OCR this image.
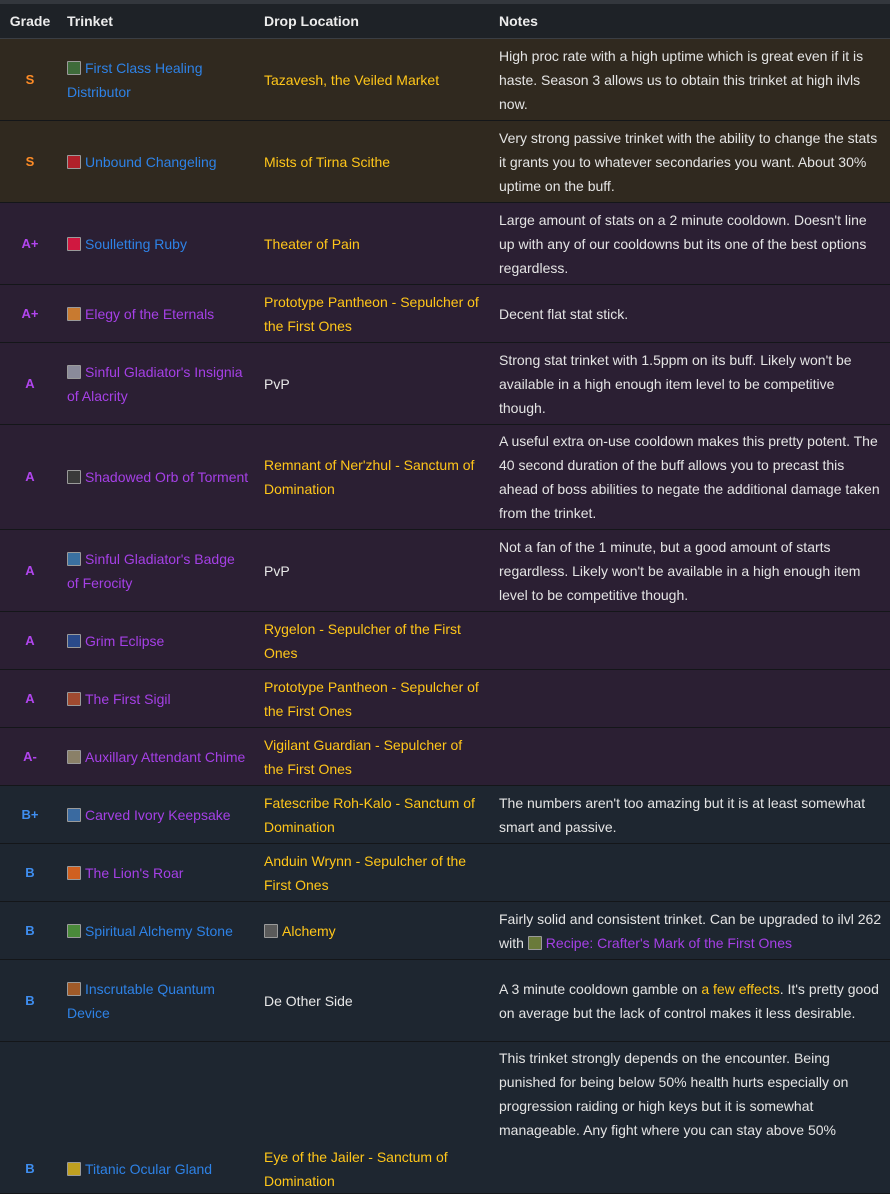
Grade	Trinket	Drop Location	Notes
S	First Class Healing Distributor	Tazavesh, the Veiled Market	High proc rate with a high uptime which is great even if it is haste. Season 3 allows us to obtain this trinket at high ilvls now.
S	Unbound Changeling	Mists of Tirna Scithe	Very strong passive trinket with the ability to change the stats it grants you to whatever secondaries you want. About 30% uptime on the buff.
A+	Soulletting Ruby	Theater of Pain	Large amount of stats on a 2 minute cooldown. Doesn't line up with any of our cooldowns but its one of the best options regardless.
A+	Elegy of the Eternals	Prototype Pantheon - Sepulcher of the First Ones	Decent flat stat stick.
A	Sinful Gladiator's Insignia of Alacrity	PvP	Strong stat trinket with 1.5ppm on its buff. Likely won't be available in a high enough item level to be competitive though.
A	Shadowed Orb of Torment	Remnant of Ner'zhul - Sanctum of Domination	A useful extra on-use cooldown makes this pretty potent. The 40 second duration of the buff allows you to precast this ahead of boss abilities to negate the additional damage taken from the trinket.
A	Sinful Gladiator's Badge of Ferocity	PvP	Not a fan of the 1 minute, but a good amount of starts regardless. Likely won't be available in a high enough item level to be competitive though.
A	Grim Eclipse	Rygelon - Sepulcher of the First Ones	
A	The First Sigil	Prototype Pantheon - Sepulcher of the First Ones	
A-	Auxillary Attendant Chime	Vigilant Guardian - Sepulcher of the First Ones	
B+	Carved Ivory Keepsake	Fatescribe Roh-Kalo - Sanctum of Domination	The numbers aren't too amazing but it is at least somewhat smart and passive.
B	The Lion's Roar	Anduin Wrynn - Sepulcher of the First Ones	
B	Spiritual Alchemy Stone	Alchemy	Fairly solid and consistent trinket. Can be upgraded to ilvl 262 with Recipe: Crafter's Mark of the First Ones
B	Inscrutable Quantum Device	De Other Side	A 3 minute cooldown gamble on a few effects. It's pretty good on average but the lack of control makes it less desirable.
B	Titanic Ocular Gland	Eye of the Jailer - Sanctum of Domination	This trinket strongly depends on the encounter. Being punished for being below 50% health hurts especially on progression raiding or high keys but it is somewhat manageable. Any fight where you can stay above 50%
